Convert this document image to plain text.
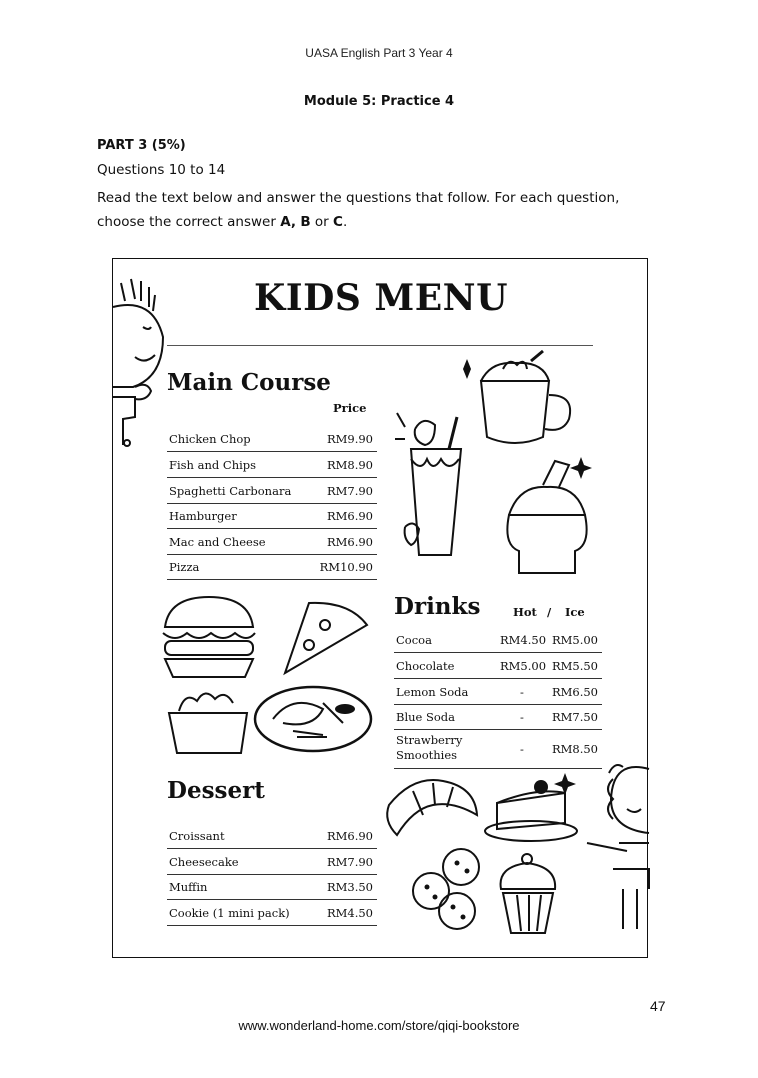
UASA English Part 3 Year 4
Module 5: Practice 4
PART 3 (5%)
Questions 10 to 14
Read the text below and answer the questions that follow. For each question,
choose the correct answer A, B or C.
KIDS MENU
Main Course
Price
Chicken Chop	RM9.90
Fish and Chips	RM8.90
Spaghetti Carbonara	RM7.90
Hamburger	RM6.90
Mac and Cheese	RM6.90
Pizza	RM10.90
Drinks	Hot / Ice
Cocoa	RM4.50 RM5.00
Chocolate	RM5.00 RM5.50
Lemon Soda	- RM6.50
Blue Soda	- RM7.50
Strawberry
Smoothies	- RM8.50
Dessert
Croissant	RM6.90
Cheesecake	RM7.90
Muffin	RM3.50
Cookie (1 mini pack)	RM4.50
47
www.wonderland-home.com/store/qiqi-bookstore
